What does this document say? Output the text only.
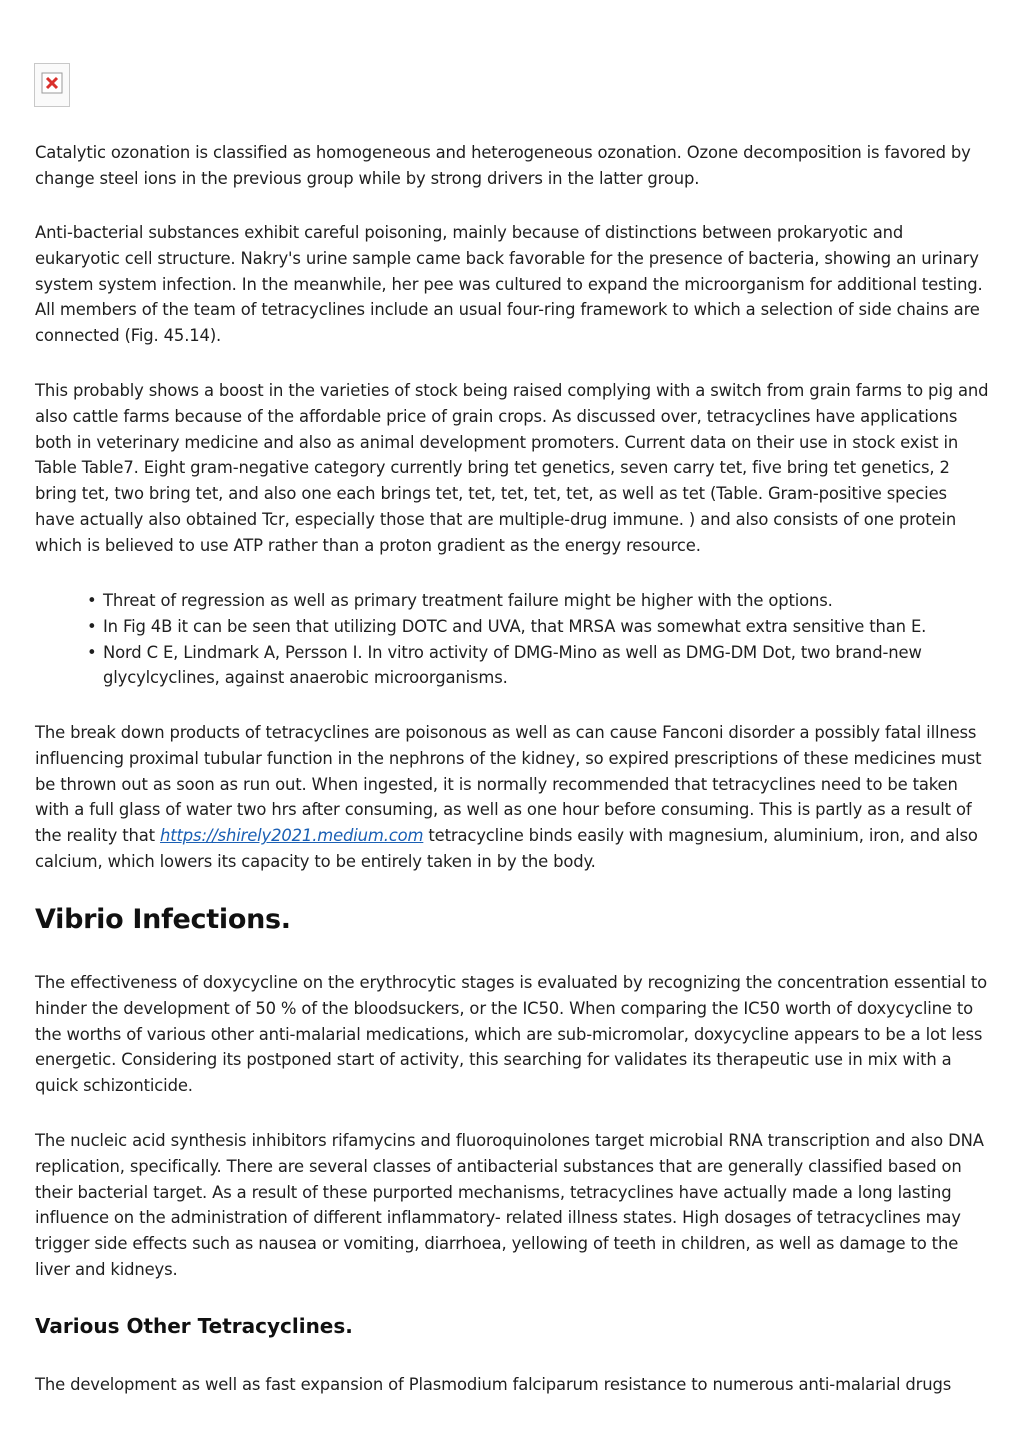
Catalytic ozonation is classified as homogeneous and heterogeneous ozonation. Ozone decomposition is favored by change steel ions in the previous group while by strong drivers in the latter group.

Anti-bacterial substances exhibit careful poisoning, mainly because of distinctions between prokaryotic and eukaryotic cell structure. Nakry's urine sample came back favorable for the presence of bacteria, showing an urinary system system infection. In the meanwhile, her pee was cultured to expand the microorganism for additional testing. All members of the team of tetracyclines include an usual four-ring framework to which a selection of side chains are connected (Fig. 45.14).

This probably shows a boost in the varieties of stock being raised complying with a switch from grain farms to pig and also cattle farms because of the affordable price of grain crops. As discussed over, tetracyclines have applications both in veterinary medicine and also as animal development promoters. Current data on their use in stock exist in Table Table7. Eight gram-negative category currently bring tet genetics, seven carry tet, five bring tet genetics, 2 bring tet, two bring tet, and also one each brings tet, tet, tet, tet, tet, as well as tet (Table. Gram-positive species have actually also obtained Tcr, especially those that are multiple-drug immune. ) and also consists of one protein which is believed to use ATP rather than a proton gradient as the energy resource.

• Threat of regression as well as primary treatment failure might be higher with the options.
• In Fig 4B it can be seen that utilizing DOTC and UVA, that MRSA was somewhat extra sensitive than E.
• Nord C E, Lindmark A, Persson I. In vitro activity of DMG-Mino as well as DMG-DM Dot, two brand-new glycylcyclines, against anaerobic microorganisms.

The break down products of tetracyclines are poisonous as well as can cause Fanconi disorder a possibly fatal illness influencing proximal tubular function in the nephrons of the kidney, so expired prescriptions of these medicines must be thrown out as soon as run out. When ingested, it is normally recommended that tetracyclines need to be taken with a full glass of water two hrs after consuming, as well as one hour before consuming. This is partly as a result of the reality that https://shirely2021.medium.com tetracycline binds easily with magnesium, aluminium, iron, and also calcium, which lowers its capacity to be entirely taken in by the body.

Vibrio Infections.

The effectiveness of doxycycline on the erythrocytic stages is evaluated by recognizing the concentration essential to hinder the development of 50 % of the bloodsuckers, or the IC50. When comparing the IC50 worth of doxycycline to the worths of various other anti-malarial medications, which are sub-micromolar, doxycycline appears to be a lot less energetic. Considering its postponed start of activity, this searching for validates its therapeutic use in mix with a quick schizonticide.

The nucleic acid synthesis inhibitors rifamycins and fluoroquinolones target microbial RNA transcription and also DNA replication, specifically. There are several classes of antibacterial substances that are generally classified based on their bacterial target. As a result of these purported mechanisms, tetracyclines have actually made a long lasting influence on the administration of different inflammatory- related illness states. High dosages of tetracyclines may trigger side effects such as nausea or vomiting, diarrhoea, yellowing of teeth in children, as well as damage to the liver and kidneys.

Various Other Tetracyclines.

The development as well as fast expansion of Plasmodium falciparum resistance to numerous anti-malarial drugs
